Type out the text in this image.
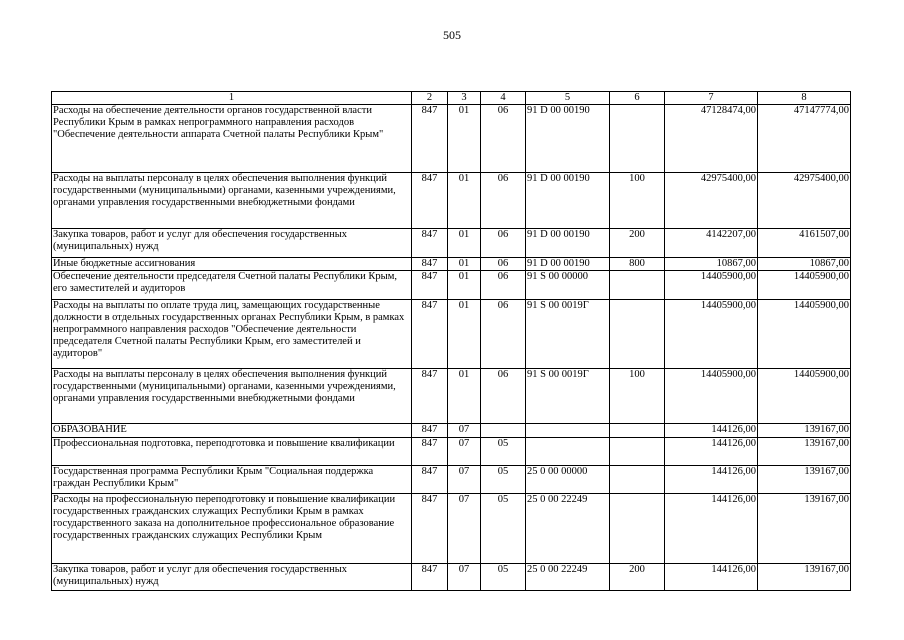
505
1	2	3	4	5	6	7	8
Расходы на обеспечение деятельности органов государственной власти Республики Крым в рамках непрограммного направления расходов "Обеспечение деятельности аппарата Счетной палаты Республики Крым"	847	01	06	91 D 00 00190		47128474,00	47147774,00
Расходы на выплаты персоналу в целях обеспечения выполнения функций государственными (муниципальными) органами, казенными учреждениями, органами управления государственными внебюджетными фондами	847	01	06	91 D 00 00190	100	42975400,00	42975400,00
Закупка товаров, работ и услуг для обеспечения государственных (муниципальных) нужд	847	01	06	91 D 00 00190	200	4142207,00	4161507,00
Иные бюджетные ассигнования	847	01	06	91 D 00 00190	800	10867,00	10867,00
Обеспечение деятельности председателя Счетной палаты Республики Крым, его заместителей и аудиторов	847	01	06	91 S 00 00000		14405900,00	14405900,00
Расходы на выплаты по оплате труда лиц, замещающих государственные должности в отдельных государственных органах Республики Крым, в рамках непрограммного направления расходов "Обеспечение деятельности председателя Счетной палаты Республики Крым, его заместителей и аудиторов"	847	01	06	91 S 00 0019Г		14405900,00	14405900,00
Расходы на выплаты персоналу в целях обеспечения выполнения функций государственными (муниципальными) органами, казенными учреждениями, органами управления государственными внебюджетными фондами	847	01	06	91 S 00 0019Г	100	14405900,00	14405900,00
ОБРАЗОВАНИЕ	847	07				144126,00	139167,00
Профессиональная подготовка, переподготовка и повышение квалификации	847	07	05			144126,00	139167,00
Государственная программа Республики Крым "Социальная поддержка граждан Республики Крым"	847	07	05	25 0 00 00000		144126,00	139167,00
Расходы на профессиональную переподготовку и повышение квалификации государственных гражданских служащих Республики Крым в рамках государственного заказа на дополнительное профессиональное образование государственных гражданских служащих Республики Крым	847	07	05	25 0 00 22249		144126,00	139167,00
Закупка товаров, работ и услуг для обеспечения государственных (муниципальных) нужд	847	07	05	25 0 00 22249	200	144126,00	139167,00
